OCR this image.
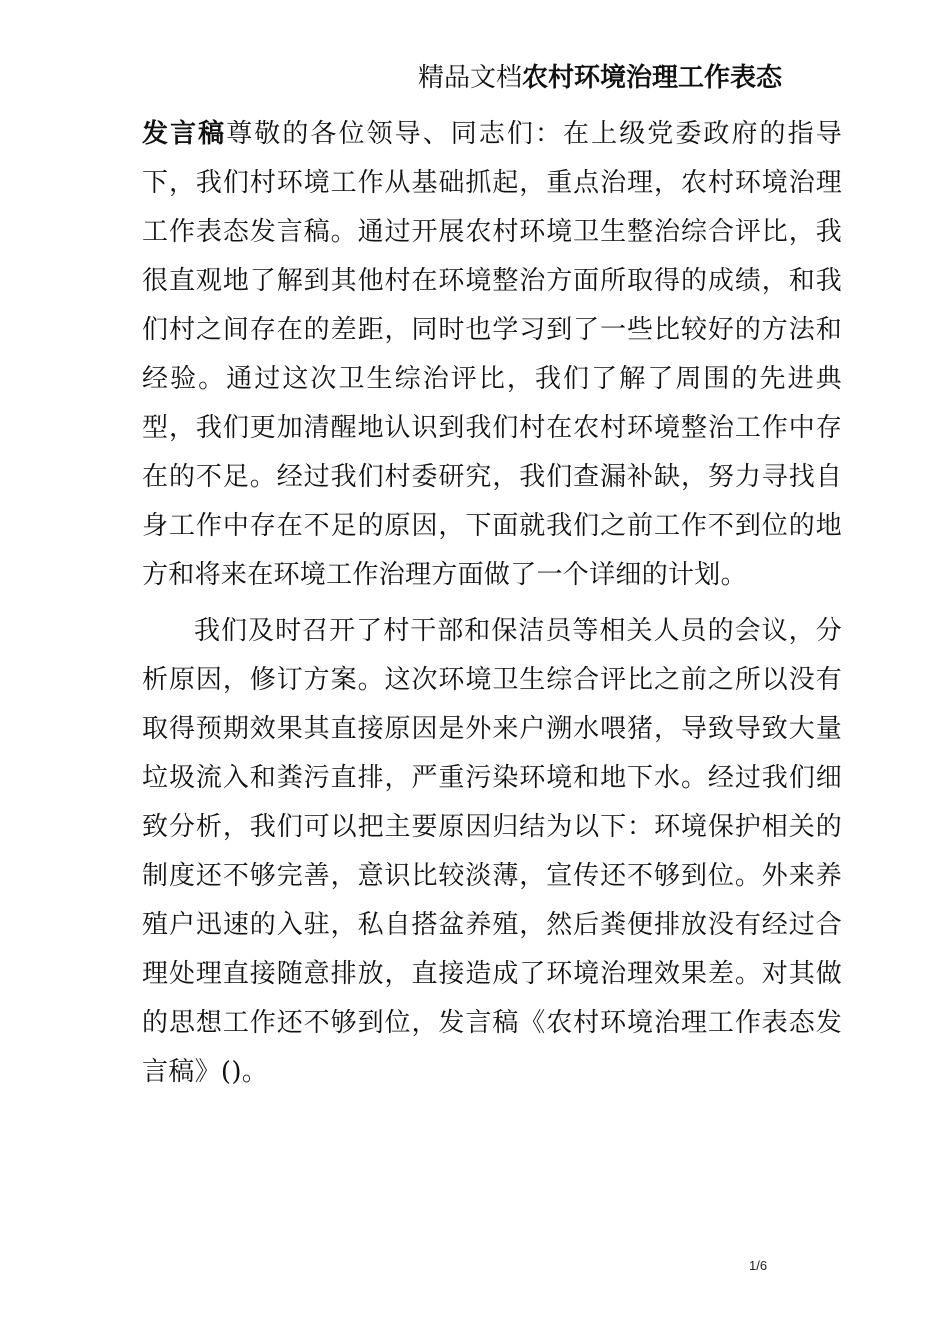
精品文档农村环境治理工作表态

发言稿尊敬的各位领导、同志们：在上级党委政府的指导下，我们村环境工作从基础抓起，重点治理，农村环境治理工作表态发言稿。通过开展农村环境卫生整治综合评比，我很直观地了解到其他村在环境整治方面所取得的成绩，和我们村之间存在的差距，同时也学习到了一些比较好的方法和经验。通过这次卫生综治评比，我们了解了周围的先进典型，我们更加清醒地认识到我们村在农村环境整治工作中存在的不足。经过我们村委研究，我们查漏补缺，努力寻找自身工作中存在不足的原因，下面就我们之前工作不到位的地方和将来在环境工作治理方面做了一个详细的计划。

我们及时召开了村干部和保洁员等相关人员的会议，分析原因，修订方案。这次环境卫生综合评比之前之所以没有取得预期效果其直接原因是外来户溯水喂猪，导致导致大量垃圾流入和粪污直排，严重污染环境和地下水。经过我们细致分析，我们可以把主要原因归结为以下：环境保护相关的制度还不够完善，意识比较淡薄，宣传还不够到位。外来养殖户迅速的入驻，私自搭盆养殖，然后粪便排放没有经过合理处理直接随意排放，直接造成了环境治理效果差。对其做的思想工作还不够到位，发言稿《农村环境治理工作表态发言稿》()。

1/6
